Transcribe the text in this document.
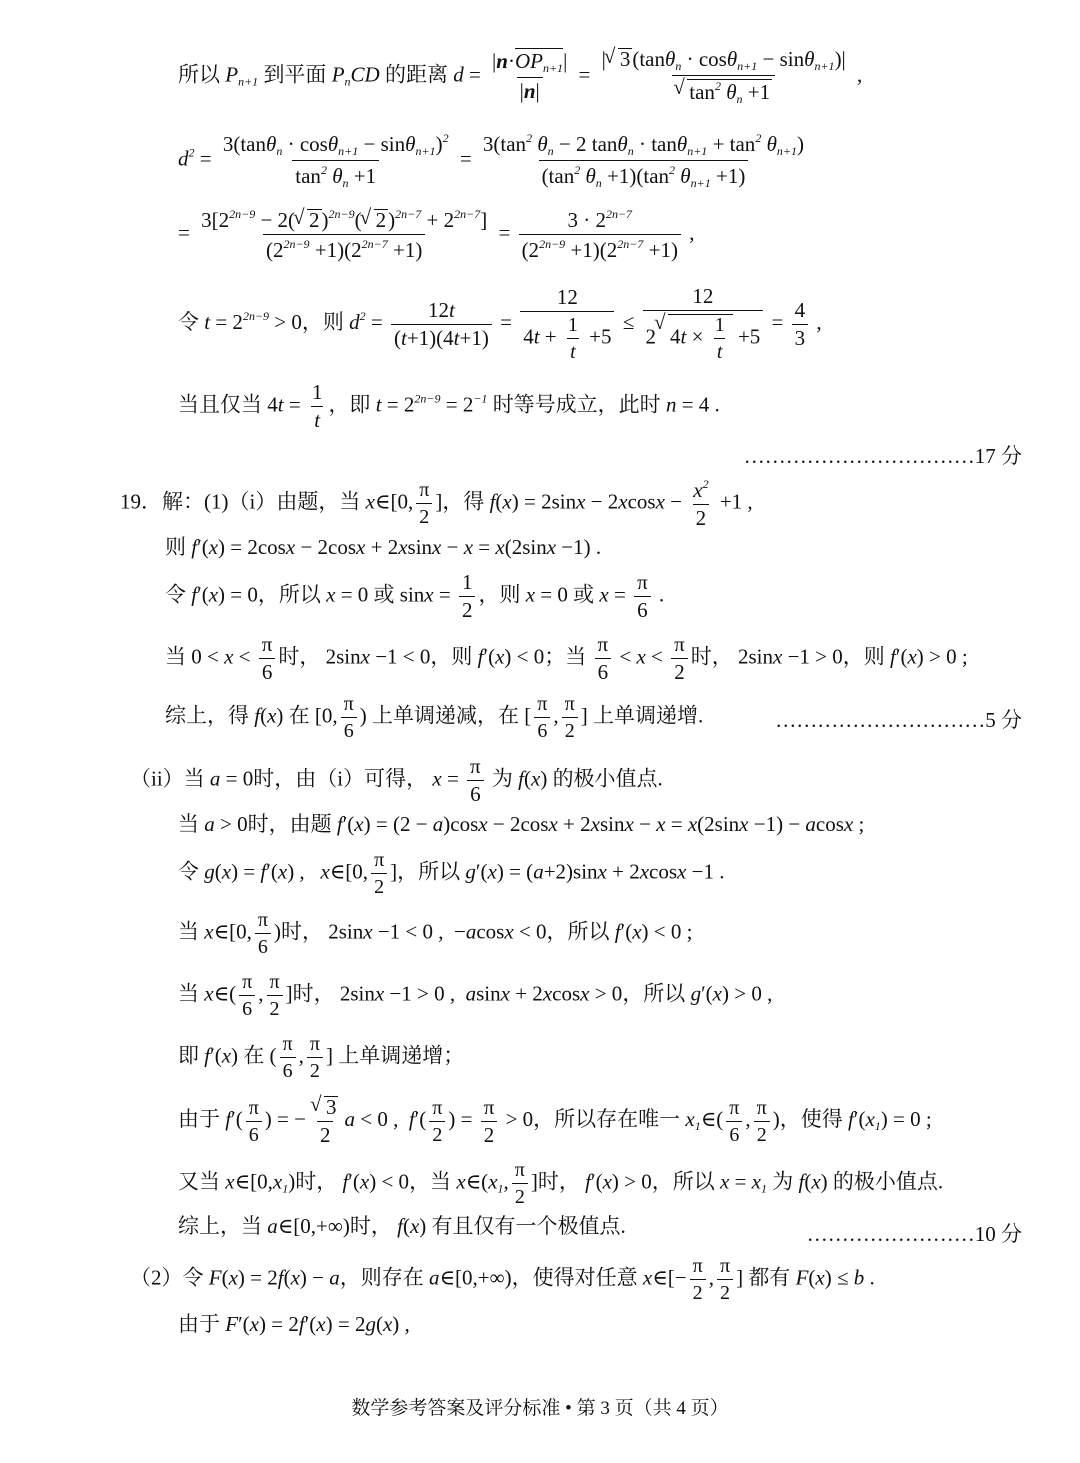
所以 $P_{n+1}$ 到平面 $P_nCD$ 的距离 $d = \frac{|n\cdot OP_{n+1}|}{|n|}$ = | √ 3(tanθ$_n$ · cosθ$_{n+1}$ − sinθ$_{n+1}$)|
√ $\tan^2 \theta_n +1$ ,
$d^2 = \frac{3(\tan\theta_n \cdot \cos\theta_{n+1} - \sin\theta_{n+1})^2}{\tan^2 \theta_n +1} = \frac{3(\tan^2 \theta_n - 2 \tan\theta_n \cdot \tan\theta_{n+1} + \tan^2 \theta_{n+1})}{(\tan^2 \theta_n +1)(\tan^2 \theta_{n+1} +1)}$
= $\frac{3[2^{2n-9} - 2( √ 2)^{2n-9}( √ 2)^{2n-7} + 2^{2n-7}]}{(2^{2n-9} +1)(2^{2n-7} +1)} = \frac{3 \cdot 2^{2n-7}}{(2^{2n-9} +1)(2^{2n-7} +1)}$ ,
令 $t = 2^{2n-9} > 0$，则 $d^2 = \frac{12t}{(t+1)(4t+1)} = \frac{12}{4t + \frac{1}{t} +5} \le \frac{12}{2 √ 4t \times \frac{1}{t} +5} = \frac{4}{3}$ ,
当且仅当 $4t = \frac{1}{t}$ ，即 $t = 2^{2n-9} = 2^{-1}$ 时等号成立，此时 n = 4 .
……………………………17 分
19．解：(1)（i）由题，当 x∈[0, $\frac{\pi}{2}$ ]，得 $f(x) = 2\sin x - 2xcosx - \frac{x^2}{2} +1$ ,
则 f′(x) = 2cosx − 2cosx + 2xsinx − x = x(2sinx −1) .
令 f′(x) = 0，所以 x = 0 或 $\sin x = \frac{1}{2}$ ，则 x = 0 或 $x = \frac{\pi}{6}$ .
当 $0 < x < \frac{\pi}{6}$ 时， 2sinx −1 < 0，则 f′(x) < 0；当 $\frac{\pi}{6} < x < \frac{\pi}{2}$ 时， 2sinx −1 > 0，则 f′(x) > 0 ;
综上，得 f(x) 在 [0, $\frac{\pi}{6}$ ) 上单调递减，在 [ $\frac{\pi}{6}$ , $\frac{\pi}{2}$ ] 上单调递增.	…………………………5 分
（ii）当 a = 0时，由（i）可得， $x = \frac{\pi}{6}$ 为 f(x) 的极小值点.
当 a > 0时，由题 f′(x) = (2 − a)cosx − 2cosx + 2xsinx − x = x(2sinx −1) − acosx ;
令 g(x) = f′(x) ,   x∈[0, $\frac{\pi}{2}$ ]，所以 g′(x) = (a+2)sinx + 2xcosx −1 .
当 x∈[0, $\frac{\pi}{6}$ )时， 2sinx −1 < 0 ,  −acosx < 0，所以 f′(x) < 0 ;
当 x∈( $\frac{\pi}{6}$ , $\frac{\pi}{2}$ ]时， 2sinx −1 > 0 ,  asinx + 2xcosx > 0，所以 g′(x) > 0 ,
即 f′(x) 在 ( $\frac{\pi}{6}$ , $\frac{\pi}{2}$ ] 上单调递增；
由于 $f'( \frac{\pi}{6}$ ) = − √ $\frac{3}{2}$ a < 0 ,  $f'( \frac{\pi}{2}$ ) = $\frac{\pi}{2} > 0$，所以存在唯一 $x_1\in( \frac{\pi}{6}$ , $\frac{\pi}{2}$ )，使得 $f'(x_1) = 0$ ;
又当 $x\in[0,x_1)$时， f′(x) < 0，当 $x\in(x_1$, $\frac{\pi}{2}$ ]时， f′(x) > 0，所以 $x = x_1$ 为 f(x) 的极小值点.
综上，当 a∈[0,+∞)时， f(x) 有且仅有一个极值点.	……………………10 分
（2）令 F(x) = 2f(x) − a，则存在 a∈[0,+∞)，使得对任意 x∈[− $\frac{\pi}{2}$ , $\frac{\pi}{2}$ ] 都有 F(x) ≤ b .
由于 F′(x) = 2f′(x) = 2g(x) ,
数学参考答案及评分标准 • 第 3 页（共 4 页）
